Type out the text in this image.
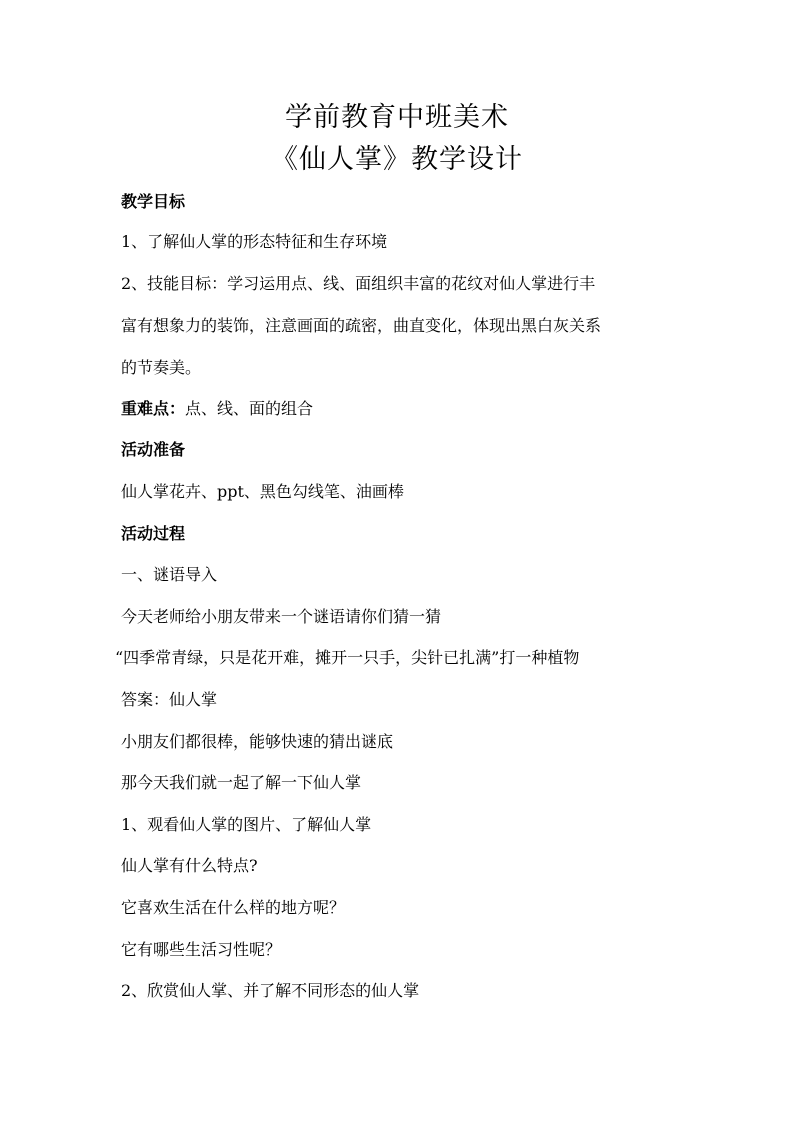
学前教育中班美术
《仙人掌》教学设计

教学目标

1、了解仙人掌的形态特征和生存环境

2、技能目标：学习运用点、线、面组织丰富的花纹对仙人掌进行丰

富有想象力的装饰，注意画面的疏密，曲直变化，体现出黑白灰关系

的节奏美。

重难点：点、线、面的组合

活动准备

仙人掌花卉、ppt、黑色勾线笔、油画棒

活动过程

一、谜语导入

今天老师给小朋友带来一个谜语请你们猜一猜

“四季常青绿，只是花开难，摊开一只手，尖针已扎满”打一种植物

答案：仙人掌

小朋友们都很棒，能够快速的猜出谜底

那今天我们就一起了解一下仙人掌

1、观看仙人掌的图片、了解仙人掌

仙人掌有什么特点?

它喜欢生活在什么样的地方呢？

它有哪些生活习性呢？

2、欣赏仙人掌、并了解不同形态的仙人掌
